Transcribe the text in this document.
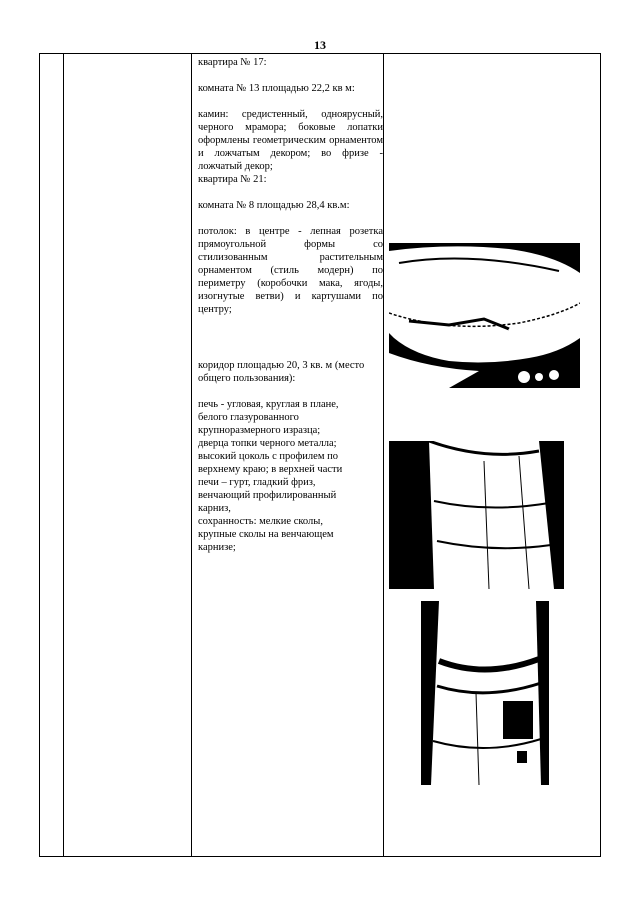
13

квартира № 17:

комната № 13 площадью 22,2 кв м:

камин: средистенный, одноярусный, черного мрамора; боковые лопатки оформлены геометрическим орнаментом и ложчатым декором; во фризе - ложчатый декор;

квартира № 21:

комната № 8 площадью 28,4 кв.м:

потолок: в центре - лепная розетка прямоугольной формы со стилизованным растительным орнаментом (стиль модерн) по периметру (коробочки мака, ягоды, изогнутые ветви) и картушами по центру;

коридор площадью 20, 3 кв. м (место общего пользования):

печь - угловая, круглая в плане,
белого глазурованного
крупноразмерного изразца;
дверца топки черного металла;
высокий цоколь с профилем по
верхнему краю; в верхней части
печи – гурт, гладкий фриз,
венчающий профилированный
карниз,
сохранность: мелкие сколы,
крупные сколы на венчающем
карнизе;
